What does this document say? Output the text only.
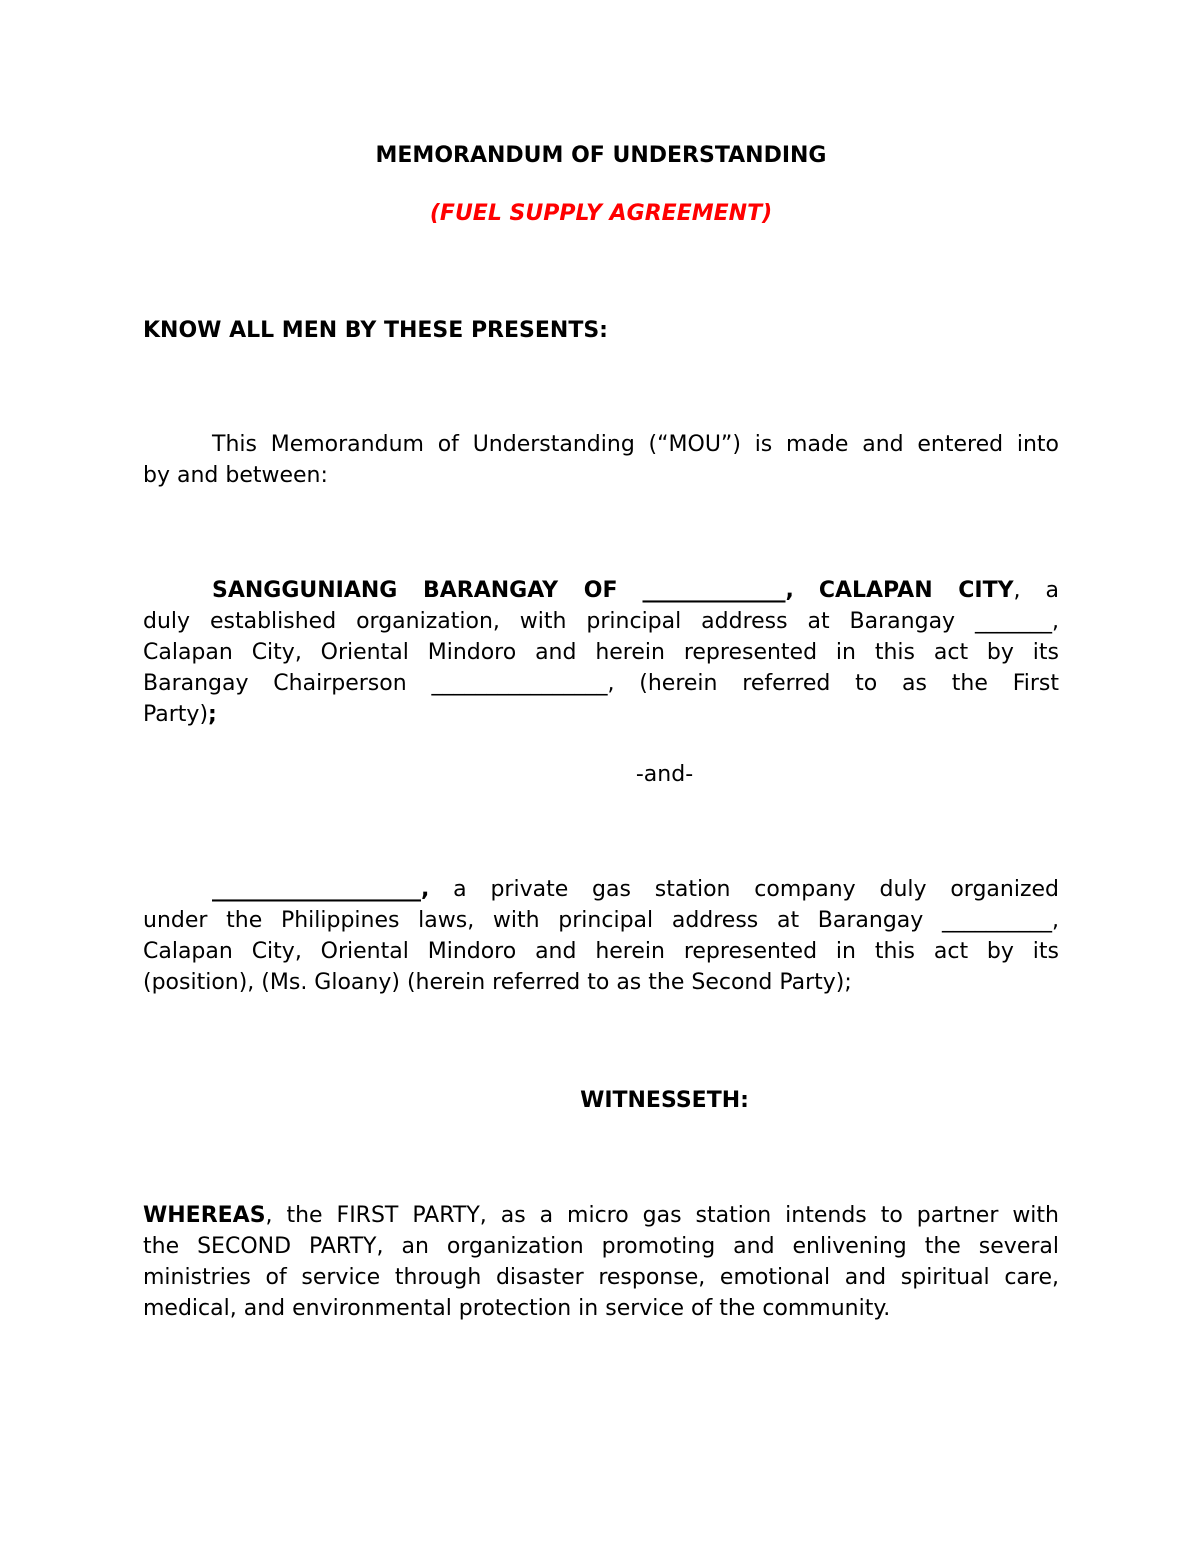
MEMORANDUM OF UNDERSTANDING
(FUEL SUPPLY AGREEMENT)
KNOW ALL MEN BY THESE PRESENTS:
This Memorandum of Understanding (“MOU”) is made and entered into
by and between:
SANGGUNIANG BARANGAY OF _____________, CALAPAN CITY, a
duly established organization, with principal address at Barangay _______,
Calapan City, Oriental Mindoro and herein represented in this act by its
Barangay Chairperson ________________, (herein referred to as the First
Party);
-and-
___________________, a private gas station company duly organized
under the Philippines laws, with principal address at Barangay __________,
Calapan City, Oriental Mindoro and herein represented in this act by its
(position), (Ms. Gloany) (herein referred to as the Second Party);
WITNESSETH:
WHEREAS, the FIRST PARTY, as a micro gas station intends to partner with
the SECOND PARTY, an organization promoting and enlivening the several
ministries of service through disaster response, emotional and spiritual care,
medical, and environmental protection in service of the community.
